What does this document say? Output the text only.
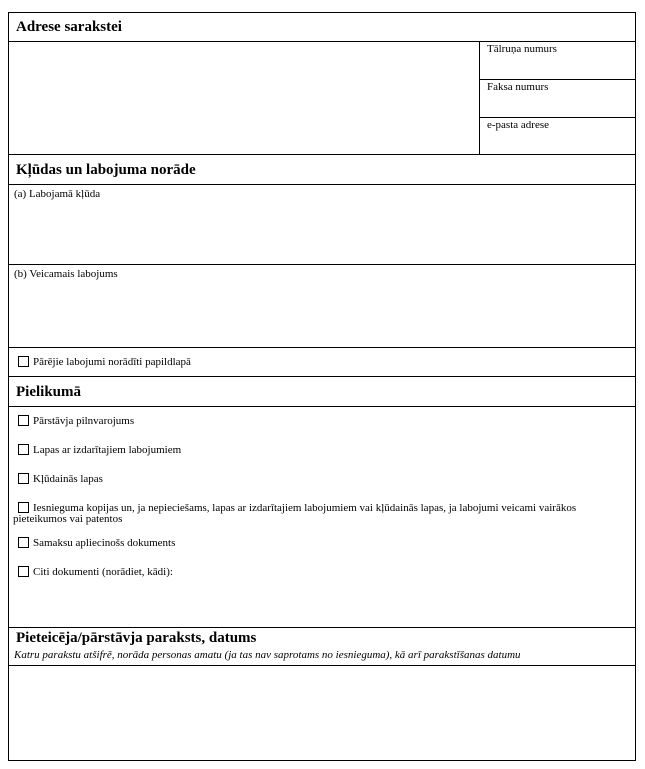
Adrese sarakstei
Tālruņa numurs
Faksa numurs
e-pasta adrese
Kļūdas un labojuma norāde
(a) Labojamā kļūda
(b) Veicamais labojums
Pārējie labojumi norādīti papildlapā
Pielikumā
Pārstāvja pilnvarojums
Lapas ar izdarītajiem labojumiem
Kļūdainās lapas
Iesnieguma kopijas un, ja nepieciešams, lapas ar izdarītajiem labojumiem vai kļūdainās lapas, ja labojumi veicami vairākos pieteikumos vai patentos
Samaksu apliecinošs dokuments
Citi dokumenti (norādiet, kādi):
Pieteicēja/pārstāvja paraksts, datums
Katru parakstu atšifrē, norāda personas amatu (ja tas nav saprotams no iesnieguma), kā arī parakstīšanas datumu
